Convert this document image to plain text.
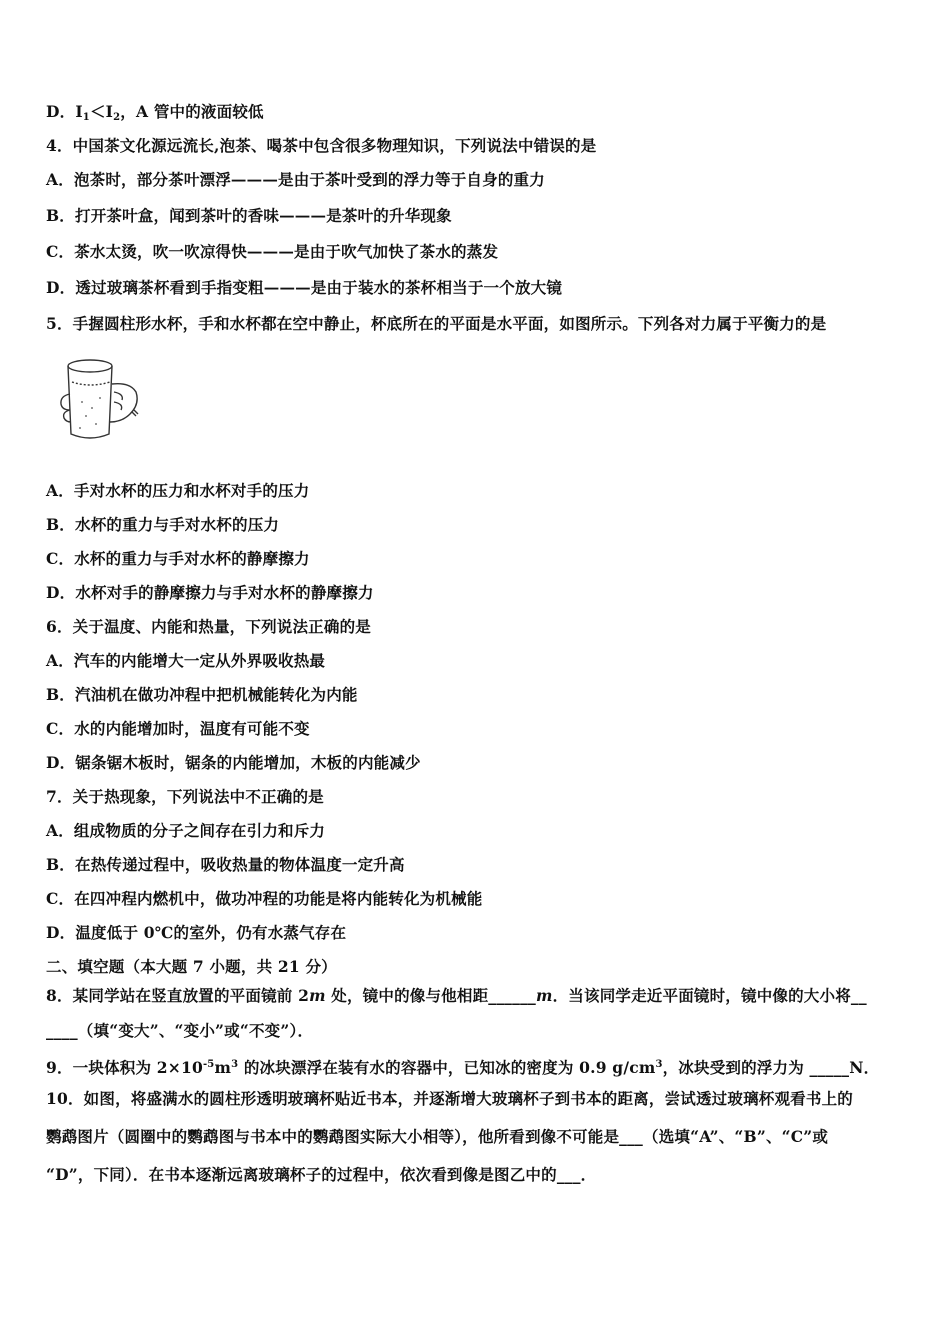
D．$I_1<I_2$，A 管中的液面较低
4．中国茶文化源远流长,泡茶、喝茶中包含很多物理知识，下列说法中错误的是
A．泡茶时，部分茶叶漂浮———是由于茶叶受到的浮力等于自身的重力
B．打开茶叶盒，闻到茶叶的香味———是茶叶的升华现象
C．茶水太烫，吹一吹凉得快———是由于吹气加快了茶水的蒸发
D．透过玻璃茶杯看到手指变粗———是由于装水的茶杯相当于一个放大镜
5．手握圆柱形水杯，手和水杯都在空中静止，杯底所在的平面是水平面，如图所示。下列各对力属于平衡力的是
A．手对水杯的压力和水杯对手的压力
B．水杯的重力与手对水杯的压力
C．水杯的重力与手对水杯的静摩擦力
D．水杯对手的静摩擦力与手对水杯的静摩擦力
6．关于温度、内能和热量，下列说法正确的是
A．汽车的内能增大一定从外界吸收热最
B．汽油机在做功冲程中把机械能转化为内能
C．水的内能增加时，温度有可能不变
D．锯条锯木板时，锯条的内能增加，木板的内能减少
7．关于热现象，下列说法中不正确的是
A．组成物质的分子之间存在引力和斥力
B．在热传递过程中，吸收热量的物体温度一定升高
C．在四冲程内燃机中，做功冲程的功能是将内能转化为机械能
D．温度低于 0℃的室外，仍有水蒸气存在
二、填空题（本大题 7 小题，共 21 分）
8．某同学站在竖直放置的平面镜前 2m 处，镜中的像与他相距______m．当该同学走近平面镜时，镜中像的大小将__
____（填“变大”、“变小”或“不变”）．
9．一块体积为 $2\times 10^{-5}m^3$ 的冰块漂浮在装有水的容器中，已知冰的密度为 0.9 $g/cm^3$，冰块受到的浮力为 _____N．
10．如图，将盛满水的圆柱形透明玻璃杯贴近书本，并逐渐增大玻璃杯子到书本的距离，尝试透过玻璃杯观看书上的
鹦鹉图片（圆圈中的鹦鹉图与书本中的鹦鹉图实际大小相等），他所看到像不可能是___（选填“A”、“B”、“C”或
“D”，下同）．在书本逐渐远离玻璃杯子的过程中，依次看到像是图乙中的___．
